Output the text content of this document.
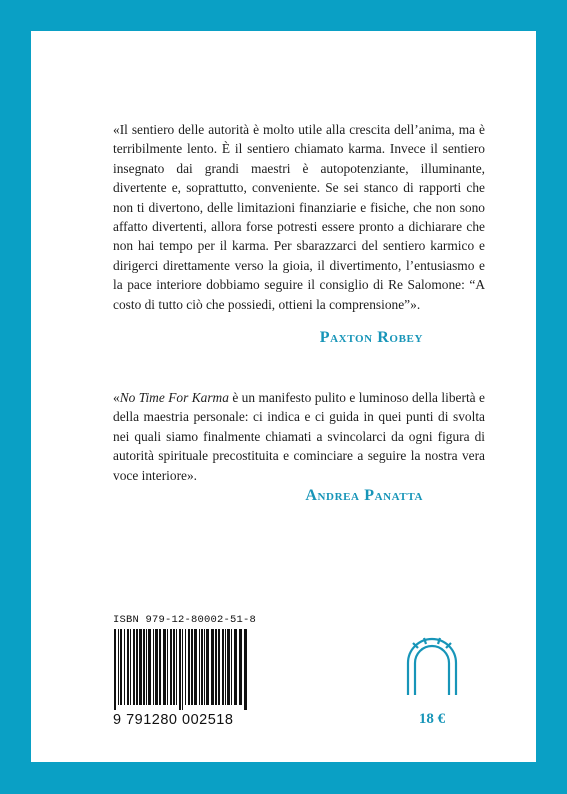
«Il sentiero delle autorità è molto utile alla crescita dell’anima, ma è terribilmente lento. È il sentiero chiamato karma. Invece il sentiero insegnato dai grandi maestri è autopotenziante, illuminante, divertente e, soprattutto, conveniente. Se sei stanco di rapporti che non ti divertono, delle limitazioni finanziarie e fisiche, che non sono affatto divertenti, allora forse potresti essere pronto a dichiarare che non hai tempo per il karma. Per sbarazzarci del sentiero karmico e dirigerci direttamente verso la gioia, il divertimento, l’entusiasmo e la pace interiore dobbiamo seguire il consiglio di Re Salomone: “A costo di tutto ciò che possiedi, ottieni la comprensione”».

Paxton Robey

«No Time For Karma è un manifesto pulito e luminoso della libertà e della maestria personale: ci indica e ci guida in quei punti di svolta nei quali siamo finalmente chiamati a svincolarci da ogni figura di autorità spirituale precostituita e cominciare a seguire la nostra vera voce interiore».

Andrea Panatta
ISBN 979-12-80002-51-8
9 791280 002518	18 €
